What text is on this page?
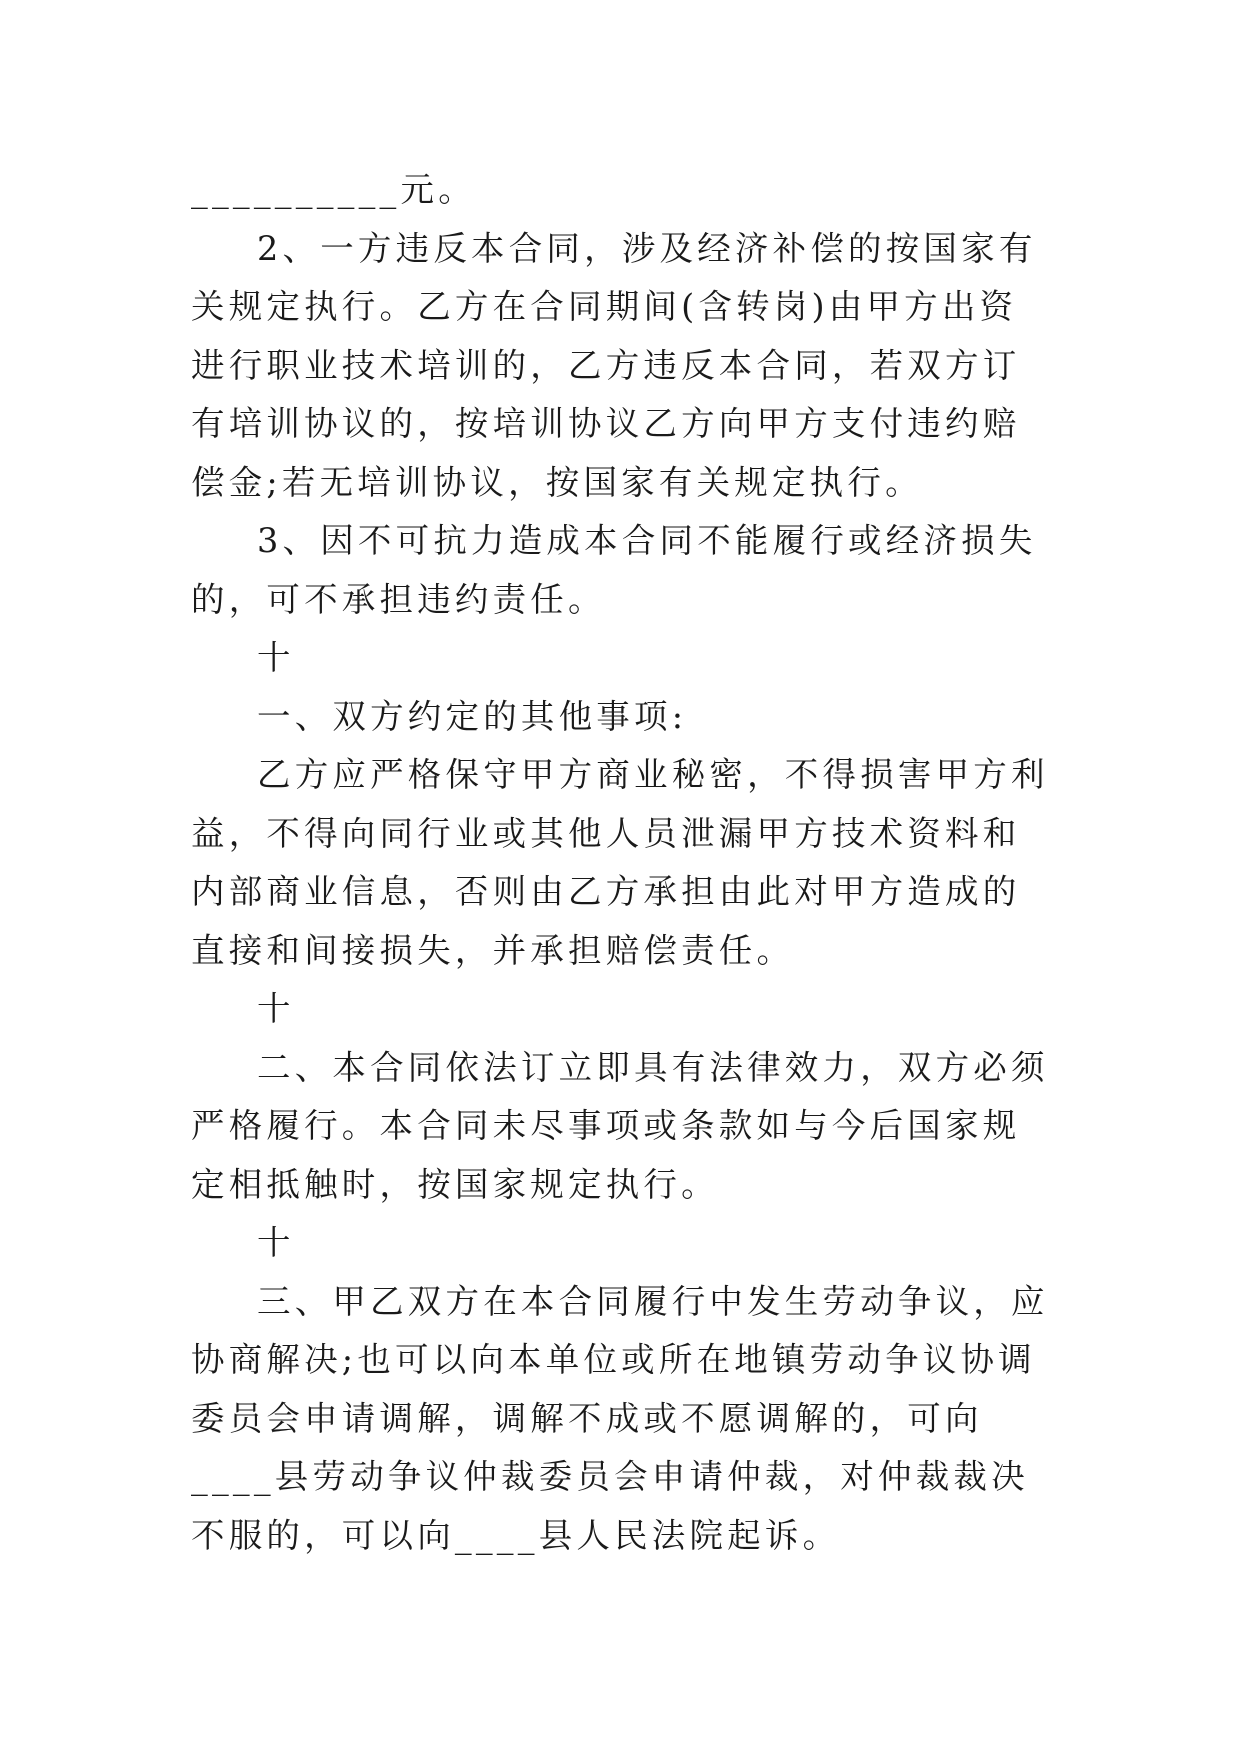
__________元。

2、一方违反本合同，涉及经济补偿的按国家有关规定执行。乙方在合同期间(含转岗)由甲方出资进行职业技术培训的，乙方违反本合同，若双方订有培训协议的，按培训协议乙方向甲方支付违约赔偿金;若无培训协议，按国家有关规定执行。

3、因不可抗力造成本合同不能履行或经济损失的，可不承担违约责任。

十

一、双方约定的其他事项:

乙方应严格保守甲方商业秘密，不得损害甲方利益，不得向同行业或其他人员泄漏甲方技术资料和内部商业信息，否则由乙方承担由此对甲方造成的直接和间接损失，并承担赔偿责任。

十

二、本合同依法订立即具有法律效力，双方必须严格履行。本合同未尽事项或条款如与今后国家规定相抵触时，按国家规定执行。

十

三、甲乙双方在本合同履行中发生劳动争议，应协商解决;也可以向本单位或所在地镇劳动争议协调委员会申请调解，调解不成或不愿调解的，可向____县劳动争议仲裁委员会申请仲裁，对仲裁裁决不服的，可以向____县人民法院起诉。
